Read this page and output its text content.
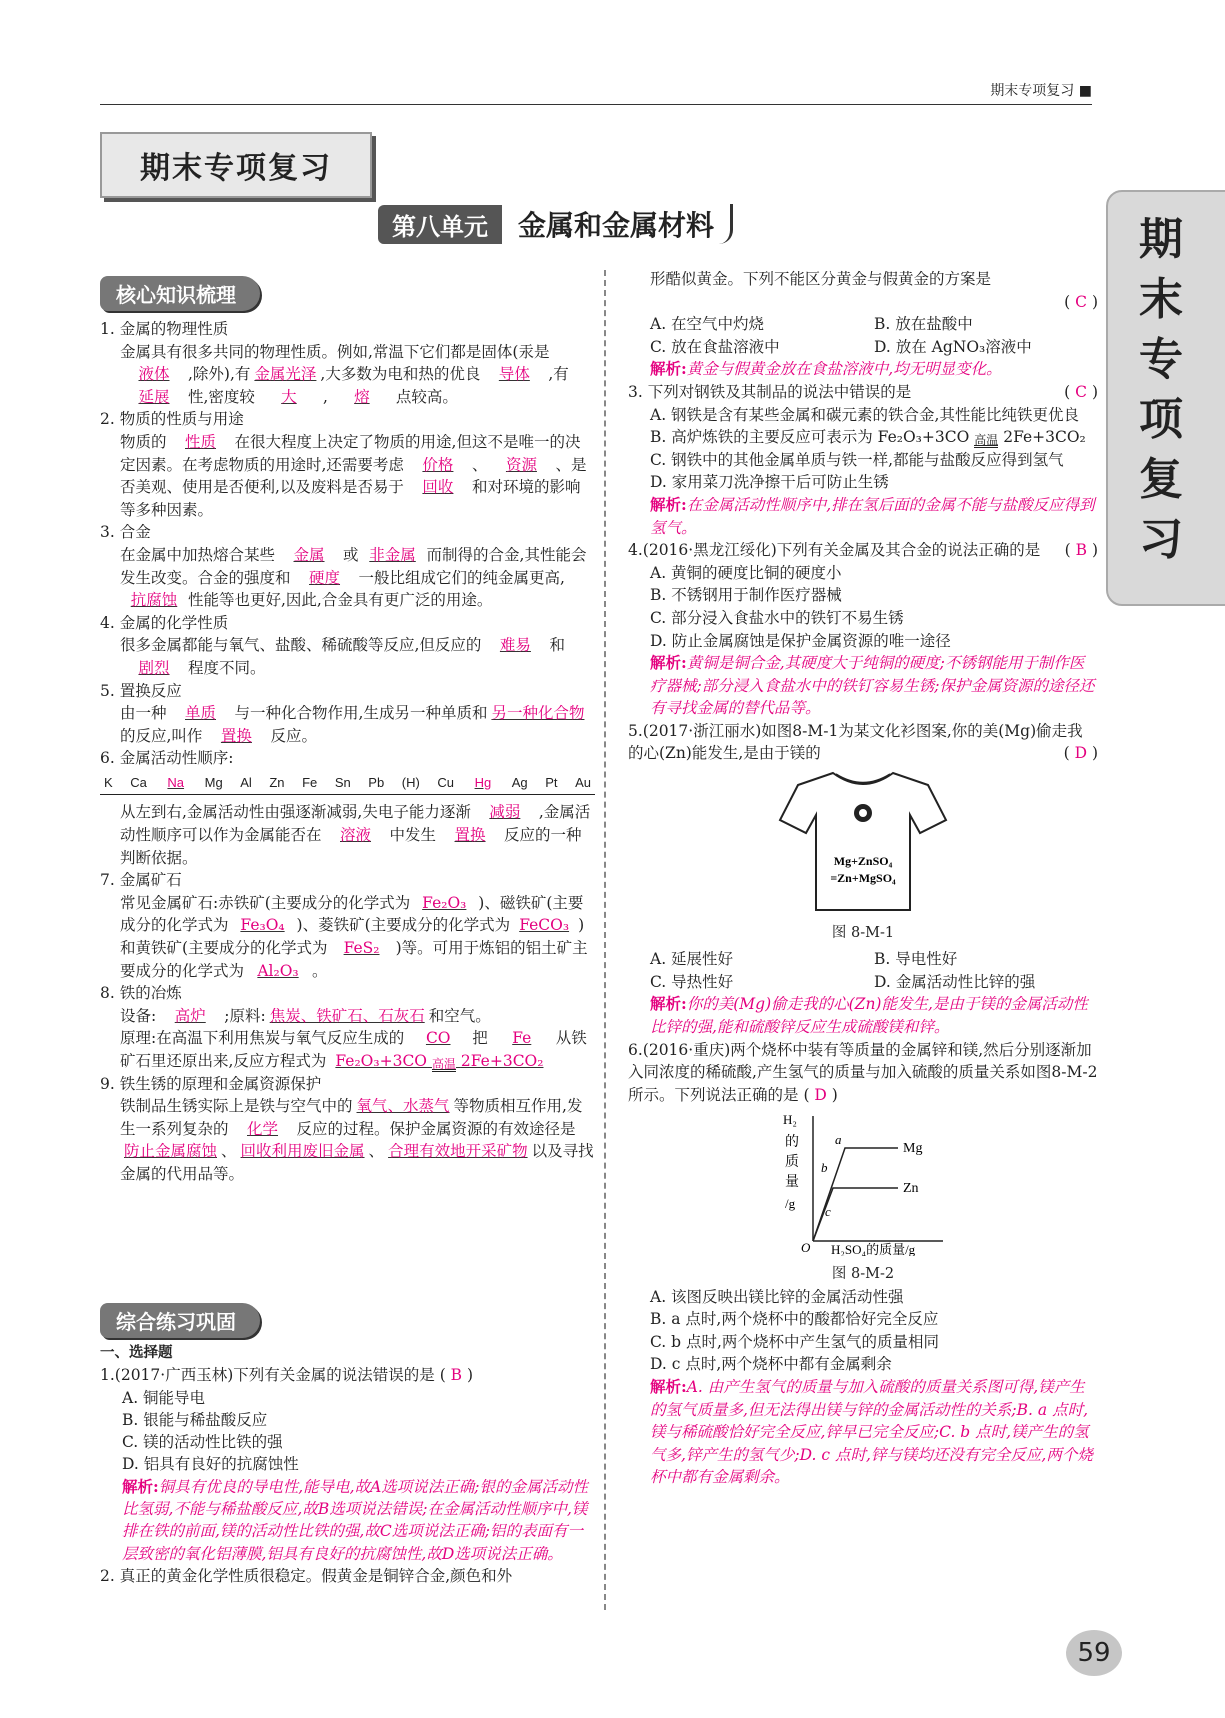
期末专项复习 ■
期末专项复习
第八单元	金属和金属材料	期末专项复习
核心知识梳理

1. 金属的物理性质

金属具有很多共同的物理性质。例如,常温下它们都是固体(汞是液体 ,除外),有 金属光泽 ,大多数为电和热的优良 导体 ,有延展 性,密度较 大 , 熔 点较高。

2. 物质的性质与用途

物质的 性质 在很大程度上决定了物质的用途,但这不是唯一的决定因素。在考虑物质的用途时,还需要考虑 价格 、 资源 、是否美观、使用是否便利,以及废料是否易于 回收 和对环境的影响等多种因素。

3. 合金

在金属中加热熔合某些 金属 或 非金属 而制得的合金,其性能会发生改变。合金的强度和 硬度 一般比组成它们的纯金属更高,抗腐蚀 性能等也更好,因此,合金具有更广泛的用途。

4. 金属的化学性质

很多金属都能与氧气、盐酸、稀硫酸等反应,但反应的 难易 和剧烈 程度不同。

5. 置换反应

由一种 单质 与一种化合物作用,生成另一种单质和 另一种化合物的反应,叫作 置换 反应。

6. 金属活动性顺序:

K Ca Na Mg Al Zn Fe Sn Pb (H) Cu Hg Ag Pt Au

从左到右,金属活动性由强逐渐减弱,失电子能力逐渐 减弱 ,金属活动性顺序可以作为金属能否在 溶液 中发生 置换 反应的一种判断依据。

7. 金属矿石

常见金属矿石:赤铁矿(主要成分的化学式为 Fe₂O₃ )、磁铁矿(主要成分的化学式为 Fe₃O₄ )、菱铁矿(主要成分的化学式为 FeCO₃ )和黄铁矿(主要成分的化学式为 FeS₂ )等。可用于炼铝的铝土矿主要成分的化学式为 Al₂O₃ 。

8. 铁的冶炼

设备: 高炉 ;原料: 焦炭、铁矿石、石灰石 和空气。
原理:在高温下利用焦炭与氧气反应生成的 CO 把 Fe 从铁矿石里还原出来,反应方程式为 Fe₂O₃+3CO 高温 2Fe+3CO₂

9. 铁生锈的原理和金属资源保护

铁制品生锈实际上是铁与空气中的 氧气、水蒸气 等物质相互作用,发生一系列复杂的 化学 反应的过程。保护金属资源的有效途径是防止金属腐蚀 、 回收利用废旧金属 、 合理有效地开采矿物 以及寻找金属的代用品等。

综合练习巩固

一、选择题

1.(2017·广西玉林)下列有关金属的说法错误的是 ( B )

A. 铜能导电

B. 银能与稀盐酸反应

C. 镁的活动性比铁的强

D. 铝具有良好的抗腐蚀性

解析:铜具有优良的导电性,能导电,故A选项说法正确;银的金属活动性比氢弱,不能与稀盐酸反应,故B选项说法错误;在金属活动性顺序中,镁排在铁的前面,镁的活动性比铁的强,故C选项说法正确;铝的表面有一层致密的氧化铝薄膜,铝具有良好的抗腐蚀性,故D选项说法正确。

2. 真正的黄金化学性质很稳定。假黄金是铜锌合金,颜色和外

形酷似黄金。下列不能区分黄金与假黄金的方案是

( C )

A. 在空气中灼烧	B. 放在盐酸中
C. 放在食盐溶液中	D. 放在 AgNO₃溶液中

解析:黄金与假黄金放在食盐溶液中,均无明显变化。

3. 下列对钢铁及其制品的说法中错误的是	( C )

A. 钢铁是含有某些金属和碳元素的铁合金,其性能比纯铁更优良

B. 高炉炼铁的主要反应可表示为 Fe₂O₃+3CO 高温 2Fe+3CO₂

C. 钢铁中的其他金属单质与铁一样,都能与盐酸反应得到氢气

D. 家用菜刀洗净擦干后可防止生锈

解析:在金属活动性顺序中,排在氢后面的金属不能与盐酸反应得到氢气。

4.(2016·黑龙江绥化)下列有关金属及其合金的说法正确的是 ( B )

A. 黄铜的硬度比铜的硬度小

B. 不锈钢用于制作医疗器械

C. 部分浸入食盐水中的铁钉不易生锈

D. 防止金属腐蚀是保护金属资源的唯一途径

解析:黄铜是铜合金,其硬度大于纯铜的硬度;不锈钢能用于制作医疗器械;部分浸入食盐水中的铁钉容易生锈;保护金属资源的途径还有寻找金属的替代品等。

5.(2017·浙江丽水)如图8-M-1为某文化衫图案,你的美(Mg)偷走我的心(Zn)能发生,是由于镁的	( D )

Mg+ZnSO₄
=Zn+MgSO₄

图 8-M-1

A. 延展性好	B. 导电性好
C. 导热性好	D. 金属活动性比锌的强

解析:你的美(Mg)偷走我的心(Zn)能发生,是由于镁的金属活动性比锌的强,能和硫酸锌反应生成硫酸镁和锌。

6.(2016·重庆)两个烧杯中装有等质量的金属锌和镁,然后分别逐渐加入同浓度的稀硫酸,产生氢气的质量与加入硫酸的质量关系如图8-M-2所示。下列说法正确的是 ( D )

Mg
Zn
a
b
c
O H₂SO₄的质量/g
H₂
的
质
量
/g

图 8-M-2

A. 该图反映出镁比锌的金属活动性强

B. a 点时,两个烧杯中的酸都恰好完全反应

C. b 点时,两个烧杯中产生氢气的质量相同

D. c 点时,两个烧杯中都有金属剩余

解析:A. 由产生氢气的质量与加入硫酸的质量关系图可得,镁产生的氢气质量多,但无法得出镁与锌的金属活动性的关系;B. a 点时,镁与稀硫酸恰好完全反应,锌早已完全反应;C. b 点时,镁产生的氢气多,锌产生的氢气少;D. c 点时,锌与镁均还没有完全反应,两个烧杯中都有金属剩余。

59
